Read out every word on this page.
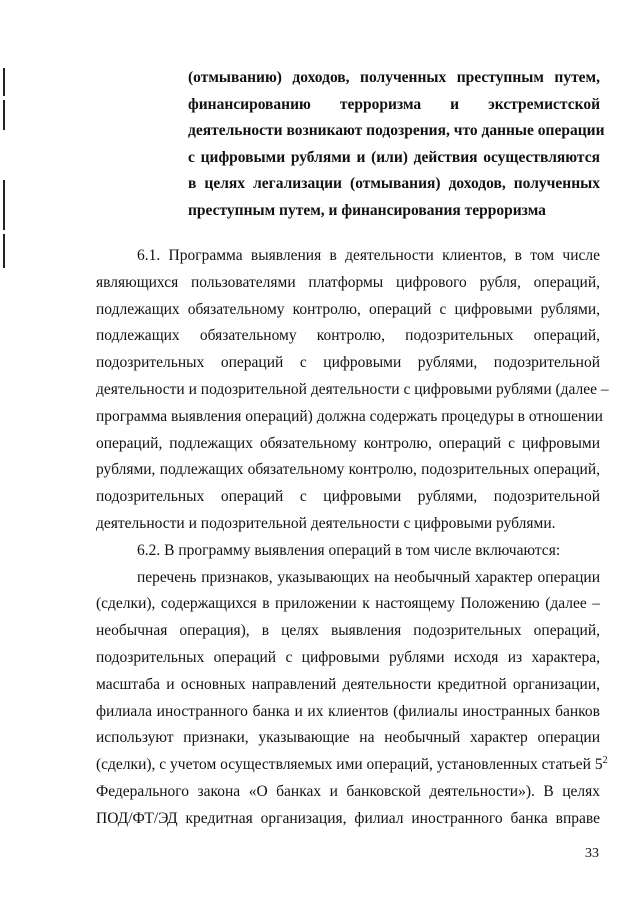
(отмыванию) доходов, полученных преступным путем,
финансированию терроризма и экстремистской
деятельности возникают подозрения, что данные операции
с цифровыми рублями и (или) действия осуществляются
в целях легализации (отмывания) доходов, полученных
преступным путем, и финансирования терроризма
6.1. Программа выявления в деятельности клиентов, в том числе
являющихся пользователями платформы цифрового рубля, операций,
подлежащих обязательному контролю, операций с цифровыми рублями,
подлежащих обязательному контролю, подозрительных операций,
подозрительных операций с цифровыми рублями, подозрительной
деятельности и подозрительной деятельности с цифровыми рублями (далее –
программа выявления операций) должна содержать процедуры в отношении
операций, подлежащих обязательному контролю, операций с цифровыми
рублями, подлежащих обязательному контролю, подозрительных операций,
подозрительных операций с цифровыми рублями, подозрительной
деятельности и подозрительной деятельности с цифровыми рублями.
6.2. В программу выявления операций в том числе включаются:
перечень признаков, указывающих на необычный характер операции
(сделки), содержащихся в приложении к настоящему Положению (далее –
необычная операция), в целях выявления подозрительных операций,
подозрительных операций с цифровыми рублями исходя из характера,
масштаба и основных направлений деятельности кредитной организации,
филиала иностранного банка и их клиентов (филиалы иностранных банков
используют признаки, указывающие на необычный характер операции
(сделки), с учетом осуществляемых ими операций, установленных статьей $5^2$
Федерального закона «О банках и банковской деятельности»). В целях
ПОД/ФТ/ЭД кредитная организация, филиал иностранного банка вправе
33
